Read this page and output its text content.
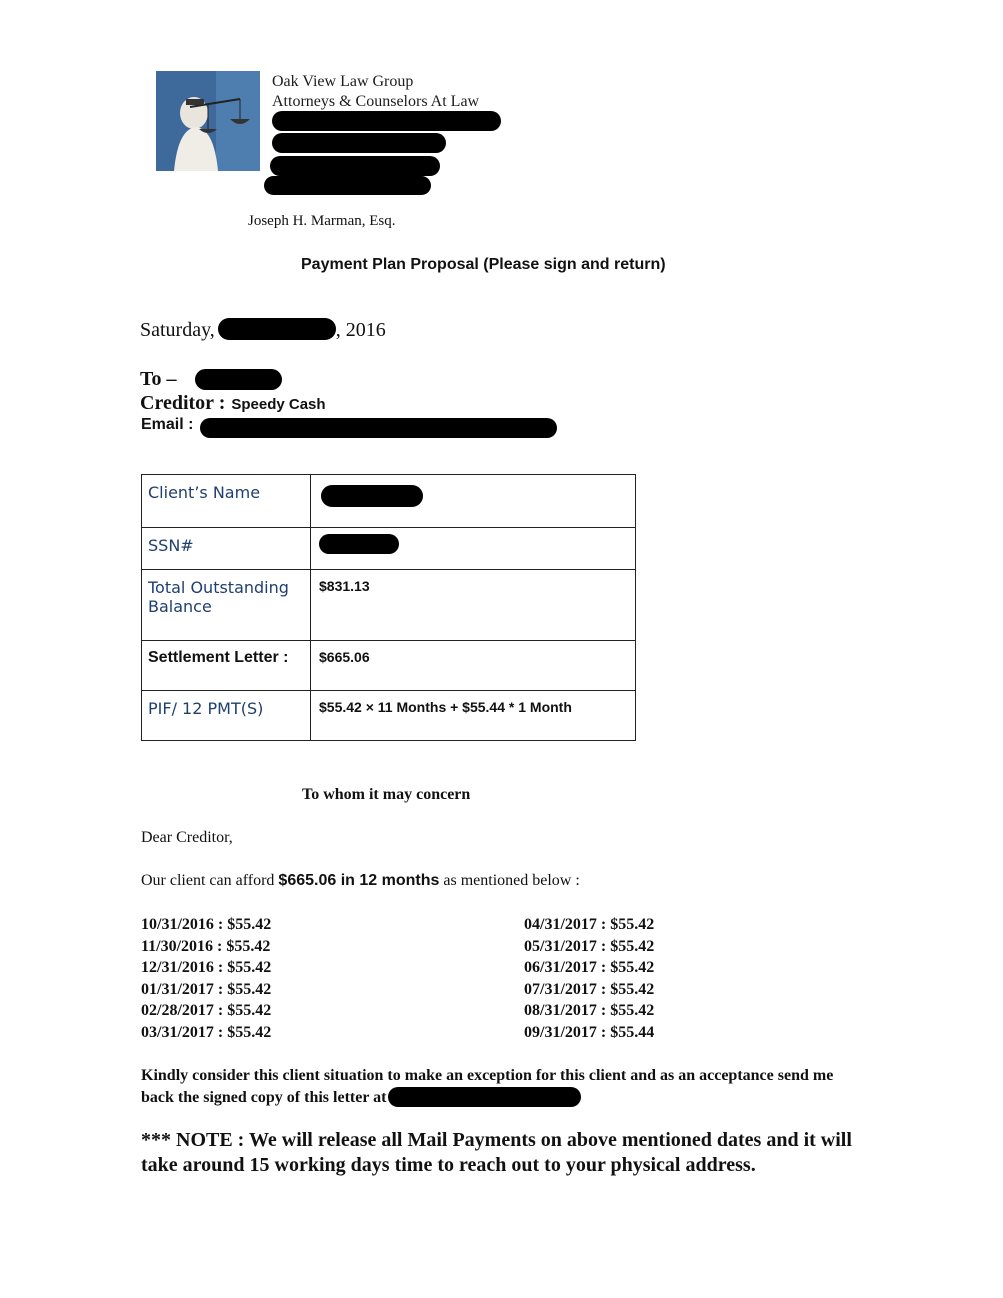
Oak View Law Group
Attorneys & Counselors At Law
Joseph H. Marman, Esq.
Payment Plan Proposal (Please sign and return)
Saturday,	, 2016
To –
Creditor : Speedy Cash
Email :
Client’s Name	
SSN#	
Total Outstanding Balance	$831.13
Settlement Letter :	$665.06
PIF/ 12 PMT(S)	$55.42 × 11 Months + $55.44 * 1 Month
To whom it may concern
Dear Creditor,
Our client can afford $665.06 in 12 months as mentioned below :
10/31/2016 : $55.42
11/30/2016 : $55.42
12/31/2016 : $55.42
01/31/2017 : $55.42
02/28/2017 : $55.42
03/31/2017 : $55.42
04/31/2017 : $55.42
05/31/2017 : $55.42
06/31/2017 : $55.42
07/31/2017 : $55.42
08/31/2017 : $55.42
09/31/2017 : $55.44
Kindly consider this client situation to make an exception for this client and as an acceptance send me back the signed copy of this letter at
*** NOTE : We will release all Mail Payments on above mentioned dates and it will take around 15 working days time to reach out to your physical address.
